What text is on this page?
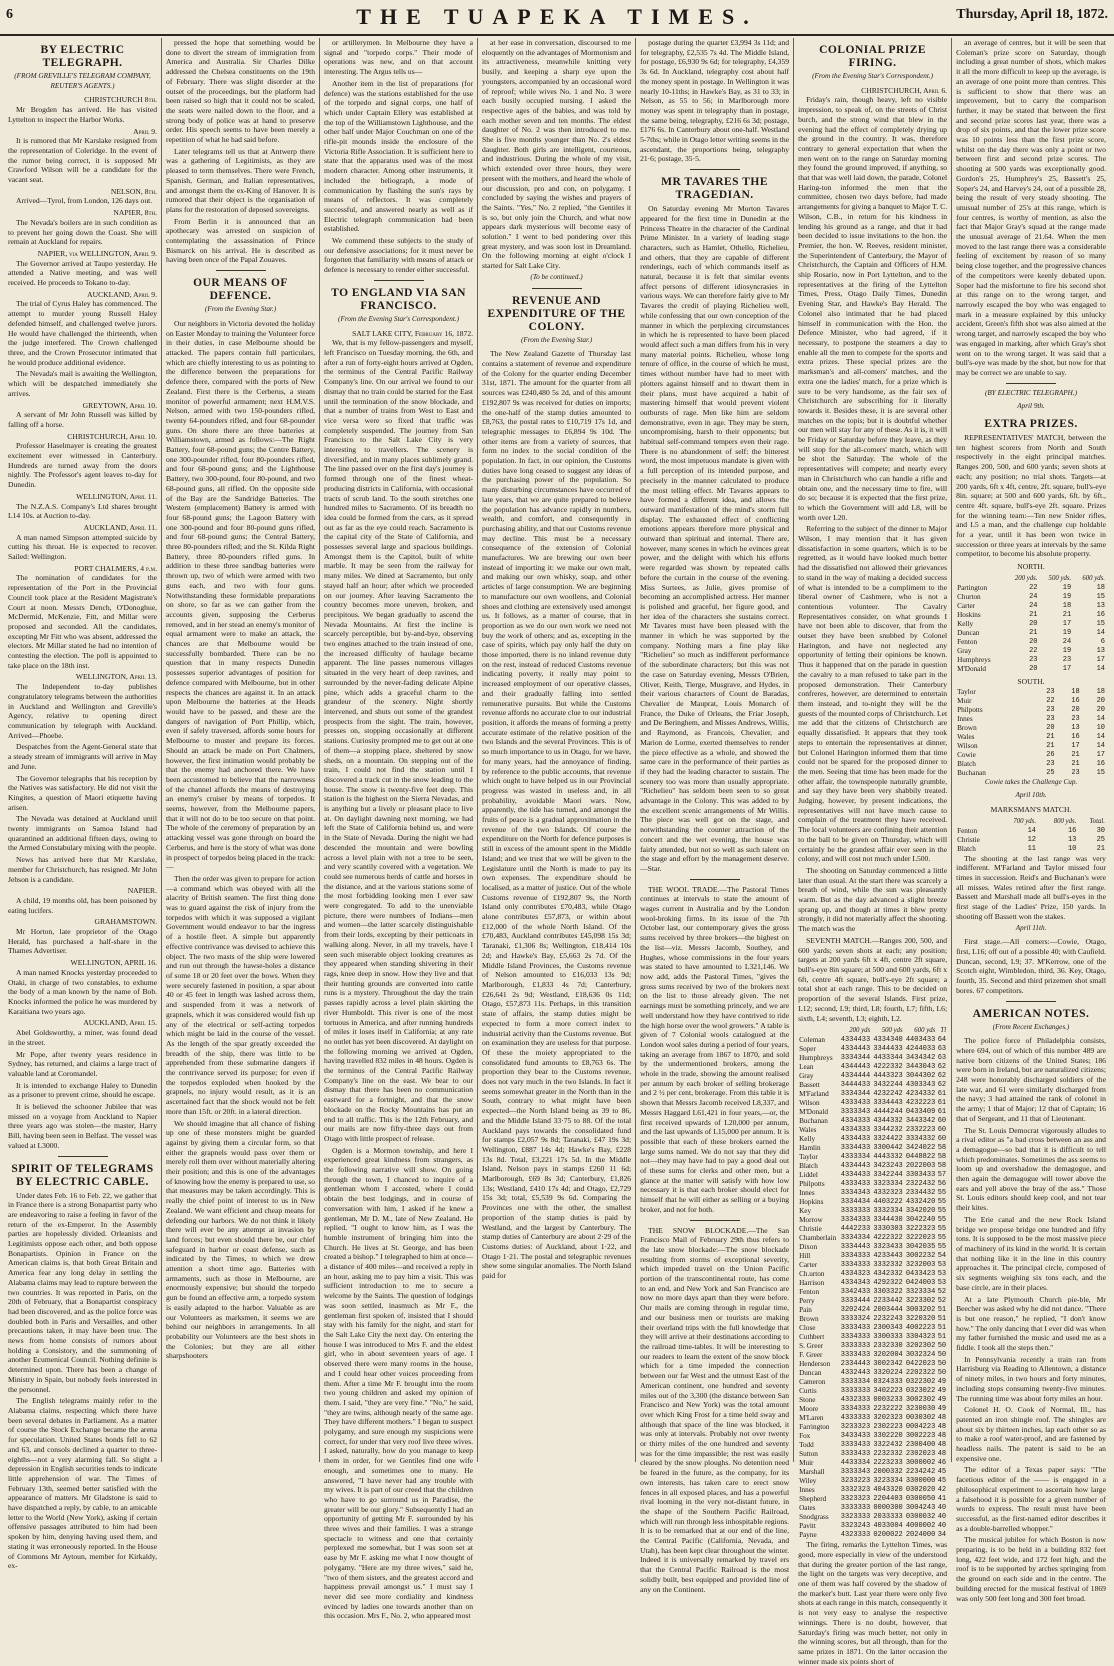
6	THE TUAPEKA TIMES.	Thursday, April 18, 1872.
BY ELECTRIC TELEGRAPH.
(FROM GREVILLE'S TELEGRAM COMPANY, REUTER'S AGENTS.)

CHRISTCHURCH 8th.

Mr Brogden has arrived. He has visited Lyttelton to inspect the Harbor Works.

April 9.

It is rumored that Mr Karslake resigned from the representation of Coleridge. In the event of the rumor being correct, it is supposed Mr Crawford Wilson will be a candidate for the vacant seat.

NELSON, 8th.

Arrived—Tyrol, from London, 126 days out.

NAPIER, 8th.

The Nevada's boilers are in such condition as to prevent her going down the Coast. She will remain at Auckland for repairs.

NAPIER, via WELLINGTON, April 9.

The Governor arrived at Taupo yesterday. He attended a Native meeting, and was well received. He proceeds to Tokano to-day.

AUCKLAND, April 9.

The trial of Cyrus Haley has commenced. The attempt to murder young Russell Haley defended himself, and challenged twelve jurors. He would have challenged the thirteenth, when the judge interfered. The Crown challenged three, and the Crown Prosecutor intimated that he would produce additional evidence.

The Nevada's mail is awaiting the Wellington, which will be despatched immediately she arrives.

GREYTOWN, April 10.

A servant of Mr John Russell was killed by falling off a horse.

CHRISTCHURCH, April 10.

Professor Haselmayer is creating the greatest excitement ever witnessed in Canterbury. Hundreds are turned away from the doors nightly. The Professor's agent leaves to-day for Dunedin.

WELLINGTON, April 11.

The N.Z.A.S. Company's Ltd shares brought L14 10s. at Auction to-day.

AUCKLAND, April 11.

A man named Simpson attempted suicide by cutting his throat. He is expected to recover. Sailed: Wellington.

PORT CHALMERS, 4 p.m.

The nomination of candidates for the representation of the Port in the Provincial Council took place at the Resident Magistrate's Court at noon. Messrs Dench, O'Donoghue, McDermid, McKenzie, Fitt, and Millar were proposed and seconded. All the candidates, excepting Mr Fitt who was absent, addressed the electors. Mr Millar stated he had no intention of contesting the election. The poll is appointed to take place on the 18th inst.

WELLINGTON, April 13.

The Independent to-day publishes congratulatory telegrams between the authorities in Auckland and Wellington and Greville's Agency, relative to opening direct communication by telegraph with Auckland. Arrived—Phoebe.

Despatches from the Agent-General state that a steady stream of immigrants will arrive in May and June.

The Governor telegraphs that his reception by the Natives was satisfactory. He did not visit the Kingites, a question of Maori etiquette having arisen.

The Nevada was detained at Auckland until twenty immigrants on Samoa Island had quarantined an additional fifteen days, owing to the Armed Constabulary mixing with the people.

News has arrived here that Mr Karslake, member for Christchurch, has resigned. Mr John Jebson is a candidate.

NAPIER.

A child, 19 months old, has been poisoned by eating lucifers.

GRAHAMSTOWN.

Mr Horton, late proprietor of the Otago Herald, has purchased a half-share in the Thames Advertiser.

WELLINGTON, APRIL 16.

A man named Knocks yesterday proceeded to Otaki, in charge of two constables, to exhume the body of a man known by the name of Bob. Knocks informed the police he was murdered by Karaitiana two years ago.

AUCKLAND, April 15.

Abel Goldsworthy, a miner, was found dead in the street.

Mr Pope, after twenty years residence in Sydney, has returned, and claims a large tract of valuable land at Coromandel.

It is intended to exchange Haley to Dunedin as a prisoner to prevent crime, should he escape.

It is believed the schooner Jubilee that was missed on a voyage from Auckland to Napier three years ago was stolen—the master, Harry Bill, having been seen in Belfast. The vessel was valued at L3000.

SPIRIT OF TELEGRAMS BY ELECTRIC CABLE.

Under dates Feb. 16 to Feb. 22, we gather that in France there is a strong Bonapartist party who are endeavoring to raise a feeling in favor of the return of the ex-Emperor. In the Assembly parties are hopelessly divided. Orleanists and Legitimists oppose each other, and both oppose Bonapartists. Opinion in France on the American claims is, that both Great Britain and America fear any long delay in settling the Alabama claims may lead to rupture between the two countries. It was reported in Paris, on the 20th of February, that a Bonapartist conspiracy had been discovered, and as the police force was doubled both in Paris and Versailles, and other precautions taken, it may have been true. The news from home consists of rumors about holding a Consistory, and the summoning of another Ecumenical Council. Nothing definite is determined upon. There has been a change of Ministry in Spain, but nobody feels interested in the personnel.

The English telegrams mainly refer to the Alabama claims, respecting which there have been several debates in Parliament. As a matter of course the Stock Exchange became the arena for speculation. United States bonds fell to 62 and 63, and consols declined a quarter to three-eighths—not a very alarming fall. So slight a depression in English securities tends to indicate little apprehension of war. The Times of February 13th, seemed better satisfied with the appearance of matters. Mr Gladstone is said to have dispatched a reply, by cable, to an amicable letter to the World (New York), asking if certain offensive passages attributed to him had been spoken by him, denying having used them, and stating it was erroneously reported. In the House of Commons Mr Aytoun, member for Kirkaldy, ex-

pressed the hope that something would be done to divert the stream of immigration from America and Australia. Sir Charles Dilke addressed the Chelsea constituents on the 19th of February. There was slight disorder at the outset of the proceedings, but the platform had been raised so high that it could not be scaled, the seats were nailed down to the floor, and a strong body of police was at hand to preserve order. His speech seems to have been merely a repetition of what he had said before.

Later telegrams tell us that at Antwerp there was a gathering of Legitimists, as they are pleased to term themselves. There were French, Spanish, German, and Italian representatives, and amongst them the ex-King of Hanover. It is rumored that their object is the organisation of plans for the restoration of deposed sovereigns.

From Berlin it is announced that an apothecary was arrested on suspicion of contemplating the assassination of Prince Bismarck on his arrival. He is described as having been once of the Papal Zouaves.

OUR MEANS OF DEFENCE.
(From the Evening Star.)

Our neighbors in Victoria devoted the holiday on Easter Monday to training the Volunteer force in their duties, in case Melbourne should be attacked. The papers contain full particulars, which are chiefly interesting to us as pointing to the difference between the preparations for defence there, compared with the ports of New Zealand. First there is the Cerberus, a steam monitor of powerful armament; next H.M.V.S. Nelson, armed with two 150-pounders rifled, twenty 64-pounders rifled, and four 68-pounder guns. On shore there are three batteries at Williamstown, armed as follows:—The Right Battery, four 68-pound guns; the Centre Battery, one 300-pounder rifled, four 80-pounders rifled, and four 68-pound guns; and the Lighthouse Battery, two 300-pound, four 80-pound, and two 68-pound guns, all rifled. On the opposite side of the Bay are the Sandridge Batteries. The Western (emplacement) Battery is armed with four 68-pound guns; the Lagoon Battery with one 300-pound and four 80-pound guns rifled, and four 68-pound guns; the Central Battery, three 80-pounders rifled; and the St. Kilda Right Battery, three 80-pounders rifled guns. In addition to these three sandbag batteries were thrown up, two of which were armed with two guns each, and two with four guns. Notwithstanding these formidable preparations on shore, so far as we can gather from the accounts given, supposing the Cerberus removed, and in her stead an enemy's monitor of equal armament were to make an attack, the chances are that Melbourne would be successfully bombarded. There can be no question that in many respects Dunedin possesses superior advantages of position for defence compared with Melbourne, but in other respects the chances are against it. In an attack upon Melbourne the batteries at the Heads would have to be passed, and these are the dangers of navigation of Port Phillip, which, even if safely traversed, affords some hours for Melbourne to muster and prepare its forces. Should an attack be made on Port Chalmers, however, the first intimation would probably be that the enemy had anchored there. We have been accustomed to believe that the narrowness of the channel affords the means of destroying an enemy's cruiser by means of torpedos. It seems, however, from the Melbourne papers, that it will not do to be too secure on that point. The whole of the ceremony of preparation by an attacking vessel was gone through on board the Cerberus, and here is the story of what was done in prospect of torpedos being placed in the track:—

Then the order was given to prepare for action—a command which was obeyed with all the alacrity of British seamen. The first thing done was to guard against the risk of injury from the torpedos with which it was supposed a vigilant Government would endeavor to bar the ingress of a hostile fleet. A simple but apparently effective contrivance was devised to achieve this object. The two masts of the ship were lowered and run out through the hawse-holes a distance of some 18 or 20 feet over the bows. When they were securely fastened in position, a spar about 40 or 45 feet in length was lashed across them, and suspended from it was a network of grapnels, which it was considered would fish up any of the electrical or self-acting torpedos which might be laid in the course of the vessel. As the length of the spar greatly exceeded the breadth of the ship, there was little to be apprehended from these submarine dangers if the contrivance served its purpose; for even if the torpedos exploded when hooked by the grapnels, no injury would result, as it is an ascertained fact that the shock would not be felt more than 15ft. or 20ft. in a lateral direction.

We should imagine that all chance of fishing up one of these monsters might be guarded against by giving them a circular form, so that either the grapnels would pass over them or merely roll them over without materially altering their position; and this is one of the advantages of knowing how the enemy is prepared to use, so that measures may be taken accordingly. This is really the chief point of interest to us in New Zealand. We want efficient and cheap means for defending our harbors. We do not think it likely there will ever be any attempt at invasion by land forces; but even should there be, our chief safeguard in harbor or coast defense, such as indicated by the Times, to which we drew attention a short time ago. Batteries with armaments, such as those in Melbourne, are enormously expensive; but should the torpedo gun be found an effective arm, a torpedo system is easily adapted to the harbor. Valuable as are our Volunteers as marksmen, it seems we are behind our neighbors in arrangements. In all probability our Volunteers are the best shots in the Colonies; but they are all either sharpshooters

or artillerymen. In Melbourne they have a signal and "torpedo corps." Their mode of operations was new, and on that account interesting. The Argus tells us—

Another item in the list of preparations (for defence) was the stations established for the use of the torpedo and signal corps, one half of which under Captain Ellery was established at the top of the Williamstown Lighthouse, and the other half under Major Couchman on one of the rifle-pit mounds inside the enclosure of the Victoria Rifle Association. It is sufficient here to state that the apparatus used was of the most modern character. Among other instruments, it included the heliograph, a mode of communication by flashing the sun's rays by means of reflectors. It was completely successful, and answered nearly as well as if Electric telegraph communication had been established.

We commend these subjects to the study of our defensive associations; for it must never be forgotten that familiarity with means of attack or defence is necessary to render either successful.

TO ENGLAND VIA SAN FRANCISCO.
(From the Evening Star's Correspondent.)

SALT LAKE CITY, February 16, 1872.

We, that is my fellow-passengers and myself, left Francisco on Tuesday morning, the 6th, and after a run of forty-eight hours arrived at Ogden, the terminus of the Central Pacific Railway Company's line. On our arrival we found to our dismay that no train could be started for the East until the termination of the snow blockade, and that a number of trains from West to East and vice versa were so fixed that traffic was completely suspended. The journey from San Francisco to the Salt Lake City is very interesting to travellers. The scenery is diversified, and in many places sublimely grand. The line passed over on the first day's journey is formed through one of the finest wheat-producing districts in California, with occasional tracts of scrub land. To the south stretches one hundred miles to Sacramento. Of its breadth no idea could be formed from the cars, as it spread out as far as the eye could reach. Sacramento is the capital city of the State of California, and possesses several large and spacious buildings. Amongst them is the Capitol, built of white marble. It may be seen from the railway for many miles. We dined at Sacramento, but only stayed half an hour; after which we proceeded on our journey. After leaving Sacramento the country becomes more uneven, broken, and precipitous. We began gradually to ascend the Nevada Mountains. At first the incline is scarcely perceptible, but by-and-bye, observing two engines attached to the train instead of one, the increased difficulty of haulage became apparent. The line passes numerous villages situated in the very heart of deep ravines, and surrounded by the never-fading delicate Alpine pine, which adds a graceful charm to the grandeur of the scenery. Night shortly intervened, and shuts out some of the grandest prospects from the sight. The train, however, presses on, stopping occasionally at different stations. Curiosity prompted me to get out at one of them—a stopping place, sheltered by snow sheds, on a mountain. On stepping out of the train, I could not find the station until I discovered a track cut in the snow leading to the house. The snow is twenty-five feet deep. This station is the highest on the Sierra Nevadas, and is anything but a lively or pleasant place to live at. On daylight dawning next morning, we had left the State of California behind us, and were in the State of Nevada. During the night we had descended the mountain and were bowling across a level plain with not a tree to be seen, and very scantily covered with a vegetation. We could see numerous herds of cattle and horses in the distance, and at the various stations some of the most forbidding looking men I ever saw were congregated. To add to the unenviable picture, there were numbers of Indians—men and women—the latter scarcely distinguishable from their lords, excepting by their petticoats in walking along. Never, in all my travels, have I seen such miserable object looking creatures as they appeared when standing shivering in their rags, knee deep in snow. How they live and that their hunting grounds are converted into cattle runs is a mystery. Throughout the day the train passes rapidly across a level plain skirting the river Humboldt. This river is one of the most tortuous in America, and after running hundreds of miles it loses itself in California; at any rate no outlet has yet been discovered. At daylight on the following morning we arrived at Ogden, having travelled 832 miles in 48 hours. Ogden is the terminus of the Central Pacific Railway Company's line on the east. We bear to our dismay that there has been no communication eastward for a fortnight, and that the snow blockade on the Rocky Mountains has put an end to all traffic. This is the 12th February, and our mails are now fifty-three days out from Otago with little prospect of release.

Ogden is a Mormon township, and here I experienced great kindness from strangers, as the following narrative will show. On going through the town, I chanced to inquire of a gentleman whom I accosted, where I could obtain the best lodgings, and in course of conversation with him, I asked if he knew a gentleman, Mr D. M., late of New Zealand. He replied, "I ought to know him, as I was the humble instrument of bringing him into the Church. He lives at St. George, and has been created a bishop." I telegraphed to him at once—a distance of 400 miles—and received a reply in an hour, asking me to pay him a visit. This was sufficient introduction to me to secure a welcome by the Saints. The question of lodgings was soon settled, inasmuch as Mr F., the gentleman first spoken of, insisted that I should stay with his family for the night, and start for the Salt Lake City the next day. On entering the house I was introduced to Mrs F. and the eldest girl, who in about seventeen years of age. I observed there were many rooms in the house, and I could hear other voices proceeding from them. After a time Mr F. brought into the room two young children and asked my opinion of them. I said, "they are very fine." "No," he said, "they are twins, although nearly of the same age. They have different mothers." I began to suspect polygamy, and sure enough my suspicions were correct, for under that very roof live three wives. I asked, naturally, how do you manage to keep them in order, for we Gentiles find one wife enough, and sometimes one to many. He answered, "I have never had any trouble with my wives. It is part of our creed that the children who have to go surround us in Paradise, the greater will be our glory." Subsequently I had an opportunity of getting Mr F. surrounded by his three wives and their families. I was a strange spectacle to witness and one that certainly perplexed me somewhat, but I was soon set at ease by Mr F. asking me what I now thought of polygamy. "Here are my three wives," said he, "two of them sisters, and the greatest accord and happiness prevail amongst us." I must say I never did see more cordiality and kindness evinced by ladies one towards another than on this occasion. Mrs F., No. 2, who appeared most

at her ease in conversation, discoursed to me eloquently on the advantages of Mormonism and its attractiveness, meanwhile knitting very busily, and keeping a sharp eye upon the youngsters, accompanied by an occasional word of reproof; while wives No. 1 and No. 3 were each busily occupied nursing. I asked the respective ages of the babies, and was told by each mother seven and ten months. The eldest daughter of No. 2 was then introduced to me. She is five months younger than No. 2's eldest daughter. Both girls are intelligent, courteous, and industrious. During the whole of my visit, which extended over three hours, they were present with the mothers, and heard the whole of our discussion, pro and con, on polygamy. I concluded by saying the wishes and prayers of the Saints. "Yes," No. 2 replied, "the Gentiles it is so, but only join the Church, and what now appears dark mysterious will become easy of solution." I went to bed pondering over this great mystery, and was soon lost in Dreamland. On the following morning at eight o'clock I started for Salt Lake City.

(To be continued.)
REVENUE AND EXPENDITURE OF THE COLONY.
(From the Evening Star.)

The New Zealand Gazette of Thursday last contains a statement of revenue and expenditure of the Colony for the quarter ending December 31st, 1871. The amount for the quarter from all sources was £240,480 5s 2d, and of this amount £192,807 9s was received for duties on imports; the one-half of the stamp duties amounted to £8,763, the postal rates to £10,719 17s 1d, and telegraphic messages to £6,894 9s 10d. The other items are from a variety of sources, that form no index to the social condition of the population. In fact, in our opinion, the Customs duties have long ceased to suggest any ideas of the purchasing power of the population. So many disturbing circumstances have occurred of late years, that we are quite prepared to believe the population has advance rapidly in numbers, wealth, and comfort, and consequently in purchasing ability, and that our Customs revenue may decline. This must be a necessary consequence of the extension of Colonial manufactures. We are brewing our own beer instead of importing it: we make our own malt, and making our own whisky, soap, and other articles of large consumption. We are beginning to manufacture our own woollens, and Colonial shoes and clothing are extensively used amongst us. It follows, as a matter of course, that in proportion as we do our own work we need not buy the work of others; and as, excepting in the case of spirits, which pay only half the duty on those imported, there is no inland revenue duty on the rest, instead of reduced Customs revenue indicating poverty, it really may point to increased employment of our operative classes, and their gradually falling into settled remunerative pursuits. But while the Customs revenue affords no accurate clue to our industrial position, it affords the means of forming a pretty accurate estimate of the relative position of the two Islands and the several Provinces. This is of so much importance to us in Otago, for we have, for many years, had the annoyance of finding, by reference to the public accounts, that revenue which ought to have helped us in our Provincial progress was wasted in useless and, in all probability, avoidable Maori wars. Now, apparently, the tide has turned, and amongst the fruits of peace is a gradual approximation in the revenue of the two Islands. Of course the expenditure on the North for defence purposes is still in excess of the amount spent in the Middle Island; and we trust that we will be given to the Legislature until the North is made to pay its own expenses. The expenditure should be localised, as a matter of justice. Out of the whole Customs revenue of £192,807 9s, the North Island only contributes £70,483, while Otago alone contributes £57,873, or within about £12,000 of the whole North Island. Of the £70,483, Auckland contributes £45,098 15s 3d; Taranaki, £1,306 8s; Wellington, £18,414 10s 2d; and Hawke's Bay, £5,663 2s 7d. Of the Middle Island Provinces, the Customs revenue of Nelson amounted to £16,033 13s 9d; Marlborough, £1,833 4s 7d; Canterbury, £26,641 2s 9d; Westland, £18,636 0s 11d; Otago, £57,873 11s. Perhaps, in this transition state of affairs, the stamp duties might be expected to form a more correct index to industrial activity than the Customs revenue. But on examination they are useless for that purpose. Of these the moiety appropriated to the consolidated fund amounts to £8,763 6s. The proportion they bear to the Customs revenue, does not vary much in the two Islands. In fact it seems somewhat greater in the North than in the South, contrary to what might have been expected—the North Island being as 39 to 86, and the Middle Island 33·75 to 88. Of the total Auckland pays towards the consolidated fund for stamps £2,057 9s 8d; Taranaki, £47 19s 3d; Wellington, £887 14s 4d; Hawke's Bay, £228 13s 8d. Total, £3,221 17s 5d. In the Middle Island, Nelson pays in stamps £260 11 6d; Marlborough, £69 8s 3d; Canterbury, £1,826 13s; Westland, £410 17s 4d; and Otago, £2,729 15s 3d; total, £5,539 9s 6d. Comparing the Provinces one with the other, the smallest proportion of the stamp duties is paid by Westland, and the largest by Canterbury. The stamp duties of Canterbury are about 2·29 of the Customs duties: of Auckland, about 1·22, and Otago 1·21. The postal and telegraphic revenues shew some singular anomalies. The North Island paid for

postage during the quarter £3,994 3s 11d; and for telegraphy, £2,535 7s 4d. The Middle Island, for postage, £6,930 9s 6d; for telegraphy, £4,359 3s 6d. In Auckland, telegraphy cost about half the money spent in postage. In Wellington it was nearly 10-11ths; in Hawke's Bay, as 31 to 33; in Nelson, as 55 to 56; in Marlborough more money was spent in telegraphy than in postage, the same being, telegraphy, £216 6s 3d; postage, £176 6s. In Canterbury about one-half. Westland 5-7ths; while in Otago letter writing seems in the ascendant, the proportions being, telegraphy 21·6; postage, 35·5.

MR TAVARES THE TRAGEDIAN.

On Saturday evening Mr Morton Tavares appeared for the first time in Dunedin at the Princess Theatre in the character of the Cardinal Prime Minister. In a variety of leading stage characters, such as Hamlet, Othello, Richelieu, and others, that they are capable of different renderings, each of which commands itself as natural, because it is felt that similar events affect persons of different idiosyncrasies in various ways. We can therefore fairly give to Mr Tavares the credit of playing Richelieu well, while confessing that our own conception of the manner in which the perplexing circumstances in which he is represented to have been placed would affect such a man differs from his in very many material points. Richelieu, whose long tenure of office, in the course of which he must, times without number have had to meet with plotters against himself and to thwart them in their plans, must have acquired a habit of mastering himself that would prevent violent outbursts of rage. Men like him are seldom demonstrative, even in age. They may be stern, uncompromising, harsh to their opponents; but habitual self-command tempers even their rage. There is no abandonment of self: the bitterest word, the most impetuous mandate is given with a full perception of its intended purpose, and precisely in the manner calculated to produce the most telling effect. Mr Tavares appears to have formed a different idea, and allows the outward manifestation of the mind's storm full display. The exhausted effect of conflicting emotions appears therefore more physical and outward than spiritual and internal. There are, however, many scenes in which he evinces great power, and the delight with which his efforts were regarded was shown by repeated calls before the curtain in the course of the evening. Miss Surtees, as Julie, gives promise of becoming an accomplished actress. Her manner is polished and graceful, her figure good, and her idea of the characters she sustains correct. Mr Tavares must have been pleased with the manner in which he was supported by the company. Nothing mars a fine play like "Richelieu" so much as indifferent performance of the subordinate characters; but this was not the case on Saturday evening, Messrs O'Brien, Oliver, Keith, Tierge, Musgrave, and Hydes, in their various characters of Count de Baradas, Chevalier de Mauprat, Louis Monarch of France, the Duke of Orleans, the Friar Joseph, and De Beringhem, and Misses Andrews, Willis, and Raymond, as Francois, Chevalier, and Marion de Lorme, exerted themselves to render the piece effective as a whole, and showed the same care in the performance of their parties as if they had the leading character to sustain. The scenery too was more than usually appropriate. "Richelieu" has seldom been seen to so great advantage in the Colony. This was added to by the excellent scenic arrangements of Mr Willis. The piece was well got on the stage, and notwithstanding the counter attraction of the concert and the wet evening, the house was fairly attended, but not so well as such talent on the stage and effort by the management deserve.—Star.

THE WOOL TRADE.—The Pastoral Times continues at intervals to state the amount of wages current in Australia and by the London wool-broking firms. In its issue of the 7th October last, our contemporary gives the gross sums received by three brokers—the highest on the list—viz. Messrs Jacomb, Southey, and Hughes, whose commissions in the four years was stated to have amounted to L321,146. We now add, adds the Pastoral Times, "gives the gross sums received by two of the brokers next on the list to those already given. The net earnings must be something princely, and we are well understand how they have contrived to ride the high horse over the wool growers." A table is given of 7 Colonial wools catalogued at the London wool sales during a period of four years, taking an average from 1867 to 1870, and sold by the undermentioned brokers, among the whole in the trade, showing the amount realised per annum by each broker of selling brokerage and 2 ½ per cent, brokerage. From this table it is shown that Messrs Jacomb received L8,337, and Messrs Haggard L61,421 in four years,—or, the first received upwards of L20,000 per annum, and the last upwards of L15,000 per annum. It is possible that each of these brokers earned the large sums named. We do not say that they did not—they may have had to pay a good deal out of these sums for clerks and other men, but a glance at the matter will satisfy with how low necessary it is that each broker should elect for himself that he will either as selling or a buying broker, and not for both.

THE SNOW BLOCKADE.—The San Francisco Mail of February 29th thus refers to the late snow blockade:—The snow blockade resulting from storms of exceptional severity, which impeded travel on the Union Pacific portion of the transcontinental route, has come to an end, and New York and San Francisco are now no more days apart than they were before. Our mails are coming through in regular time, and our business men or tourists are making their overland trips with the full knowledge that they will arrive at their destinations according to the railroad time-tables. It will be interesting to our readers to learn the extent of the snow block which for a time impeded the connection between our far West and the utmost East of the American continent, one hundred and seventy miles out of the 3,300 (the distance between San Francisco and New York) was the total amount over which King Frost for a time held sway and although that space of the line was blocked, it was only at intervals. Probably not over twenty or thirty miles of the one hundred and seventy was for the time impassible; the rest was easily cleared by the snow ploughs. No detention need be feared in the future, as the company, for its own interests, has taken care to erect snow fences in all exposed places, and has a powerful rival looming in the very not-distant future, in the shape of the Southern Pacific Railroad, which will run through less inhospitable regions. It is to be remarked that at our end of the line, the Central Pacific (California, Nevada, and Utah), has been kept clear throughout the winter. Indeed it is universally remarked by travel ers that the Central Pacific Railroad is the most solidly built, best equipped and provided line of any on the Continent.

COLONIAL PRIZE FIRING.
(From the Evening Star's Correspondent.)

CHRISTCHURCH, April 6.

Friday's rain, though heavy, left no visible impression, to speak of, on the streets of Christ burch, and the strong wind that blew in the evening had the effect of completely drying up the ground in the country. It was, therefore contrary to general expectation that when the men went on to the range on Saturday morning they found the ground improved, if anything, so that that was well laid down, the parade, Colonel Haring-ton informed the men that the committee, chosen two days before, had made arrangements for giving a banquet to Major T. C. Wilson, C.B., in return for his kindness in lending his ground as a range, and that it had been decided to issue invitations to the hon. the Premier, the hon. W. Reeves, resident minister, the Superintendent of Canterbury, the Mayor of Christchurch, the Captain and Officers of H.M. ship Rosario, now in Port Lyttelton, and to the representatives at the firing of the Lyttelton Times, Press, Otago Daily Times, Dunedin Evening Star, and Hawke's Bay Herald. The Colonel also intimated that he had placed himself in communication with the Hon. the Defence Minister, who had agreed, if it necessary, to postpone the steamers a day to enable all the men to compete for the sports and extra prizes. These special prizes are the marksman's and all-comers' matches, and the extra one the ladies' match, for a prize which is sure to be very handsome, as the fair sex of Christchurch are subscribing for it literally towards it. Besides these, it is are several other matches on the topis; but it is doubtful whether our men will stay for any of these. As it is, it will be Friday or Saturday before they leave, as they will stop for the all-comers' match, which will be shot the Saturday. The whole of the representatives will compete; and nearly every man in Christchurch who can handle a rifle and obtain one, and the necessary time to fire, will do so; because it is expected that the first prize, to which the Government will add L8, will be worth over L20.

Referring to the subject of the dinner to Major Wilson, I may mention that it has given dissatisfaction in some quarters, which is to be regretted, as it would have looked much better had the dissatisfied not allowed their grievances to stand in the way of making a decided success of what is intended to be a compliment to the liberal owner of Cashmere, who is not a contentious volunteer. The Cavalry Representatives consider, on what grounds I have not been able to discover, that from the outset they have been snubbed by Colonel Harington, and have not neglected any opportunity of letting their opinions be known. Thus it happened that on the parade in question the cavalry to a man refused to take part in the proposed demonstration. Their Canterbury confreres, however, are determined to entertain them instead, and to-night they will be the guests of the mounted corps of Christchurch. Let me add that the citizens of Christchurch are equally dissatisfied. It appears that they took steps to entertain the representatives at dinner, but Colonel Harington informed them that time could not be spared for the proposed dinner to the men. Seeing that time has been made for the other affair, the townspeople naturally grumble, and say they have been very shabbily treated. Judging, however, by present indications, the representatives will not have much cause to complain of the treatment they have received. The local volunteers are confining their attention to the ball to be given on Thursday, which will certainly be the grandest affair ever seen in the colony, and will cost not much under L500.

The shooting on Saturday commenced a little later than usual. At the start there was scarcely a breath of wind, while the sun was pleasantly warm. But as the day advanced a slight breeze sprang up, and though at times it blew pretty strongly, it did not materially affect the shooting. The match was the

SEVENTH MATCH.—Ranges 200, 500, and 600 yards; seven shots at each; any position; targets at 200 yards 6ft x 4ft, centre 2ft square, bull's-eye 8in square; at 500 and 600 yards, 6ft x 6ft, centre 4ft square, bull's-eye 2ft square; a total shot at each range. This to be decided on proportion of the several Islands. First prize, L12; second, L9; third, L8; fourth, L7; fifth, L6; sixth, L4; seventh, L3; eighth, L2.

	200 yds	500 yds	600 yds	Tl
Coleman	4334433	4334340	4403433	64
Soper	4334443	3344433	4244033	63
Humphreys	3334344	4433344	3434342	63
Lean	4344443	4222332	3443043	62
Gray	4334444	4443323	3044302	62
Bassett	3444433	3432244	4303343	62
M'Farland	3334344	4232242	4234332	61
Wilson	4333433	3334443	4232223	61
M'Donald	3333343	4444244	0433409	61
Buchanan	4334333	4344332	3443342	60
Wales	4334333	3344232	2332223	60
Kelly	4334433	3324422	3334332	60
Hamlin	3334433	3300442	3424022	58
Taylor	4333334	4443332	0448822	58
Blatch	4334443	3423243	2022003	58
Liddel	4334433	3342244	3303433	57
Philpotts	4333433	3323334	2322432	56
Innes	3334343	4332323	2334432	55
Hopkins	3334434	4403222	4332420	55
Key	3333333	3332334	3342020	55
Morrow	3334333	3344430	3042240	55
Christie	4442233	3330303	3222323	55
Chamberlain	3334334	4222322	3222023	55
Dixon	3334443	3323433	3042035	55
Hill	3334333	4233443	3002232	54
Carter	3334333	3332332	3232003	53
Ch.urton	4334323	4342332	0433423	53
Harrison	4334343	4292322	0424003	53
Fenton	3342433	3303322	3323334	52
Perry	3333444	2233442	3223302	52
Pain	3202424	2003444	3003202	51
Brown	3333324	2232243	3220320	51
Close	3333433	2300343	4002223	51
Cuthbert	3334333	3300333	3304323	51
S. Greer	3333333	2332330	3202302	50
F. Greer	3333433	3202004	3032324	50
Henderson	2334443	3002342	0422023	50
Duncan	4332443	3320224	2202322	50
Cameron	3333334	0324333	0322302	49
Curtis	3333333	3402223	0323022	49
Stone	4332333	0003233	3002302	49
Moore	3334333	2232222	3230030	49
M'Laren	4333333	3202323	0030302	48
Farrington	3233323	2302223	0004223	48
Fox	3433433	3302220	3002223	48
Todd	3333433	3322432	2300400	48
Sutton	3333433	2232332	2302023	48
Muir	4433334	2223233	3000002	46
Marshall	3333343	2000332	2234242	45
Wiley	3233223	3223334	3300000	45
Innes	3332323	4043320	0302020	42
Shepherd	3323323	2204403	0300050	41
Oates	3333333	0000300	3004243	40
Snodgrass	3323333	2033333	0300032	40
Pavitt	3323243	4033004	4000002	40
Payne	4323333	0200022	2024000	34

The firing, remarks the Lyttelton Times, was good, more especially in view of the understood that during the greater portion of the last range, the light on the targets was very deceptive, and one of them was half covered by the shadow of the marker's butt. Last year there were only five shots at each range in this match, consequently it is not very easy to analyse the respective winnings. There is no doubt, however, that Saturday's firing was much better, not only in the winning scores, but all through, than for the same prizes in 1871. On the latter occasion the winner made six points short of

an average of centres, but it will be seen that Coleman's prize score on Saturday, though including a great number of shots, which makes it all the more difficult to keep up the average, is an average of one point more than centres. This is sufficient to show that there was an improvement, but to carry the comparison further, it may be stated that between the first and second prize scores last year, there was a drop of six points, and that the lower prize score was 10 points less than the first prize score, whilst on the day there was only a point or two between first and second prize scores. The shooting at 500 yards was exceptionally good. Gordon's 25, Humphrey's 25, Bassett's 25, Soper's 24, and Harvey's 24, out of a possible 28, being the result of very steady shooting. The unusual number of 25's at this range, which is four centres, is worthy of mention, as also the fact that Major Gray's squad at the range made the unusual average of 21.64. When the men moved to the last range there was a considerable feeling of excitement by reason of so many being close together, and the progressive chances of the competitors were keenly debated upon. Soper had the misfortune to fire his second shot at this range on to the wrong target, and narrowly escaped the boy who was engaged to mark in a measure explained by this unlucky accident, Green's fifth shot was also aimed at the wrong target, and narrowly escaped the boy who was engaged in marking, after which Gray's shot went on to the wrong target. It was said that a bull's-eye was made by the shot, but now for that may be correct we are unable to say.

(BY ELECTRIC TELEGRAPH.)
April 9th.
EXTRA PRIZES.

REPRESENTATIVES' MATCH, between the ten highest scorers from North and South respectively in the eight principal matches. Ranges 200, 500, and 600 yards; seven shots at each; any position; no trial shots. Targets—at 200 yards, 6ft x 4ft, centre, 2ft. square, bull's-eye 8in. square; at 500 and 600 yards, 6ft. by 6ft., centre 4ft. square, bull's-eye 2ft. square. Prizes for the winning team:—Ten new Snider rifles, and L5 a man, and the challenge cup holdable for a year, until it has been won twice in succession or three years at intervals by the same competitor, to become his absolute property.

NORTH.
	200 yds.	500 yds.	600 yds.
Partington	22	19	18
Churton	24	19	15
Carter	24	18	13
Hoskins	21	21	16
Kelly	20	17	15
Duncan	21	19	14
Fenton	20	24	6
Gray	22	19	13
Humphreys	23	23	17
M'Donald	20	17	14
SOUTH.
Taylor	23	18	18
Muir	22	16	20
Philpotts	23	20	20
Innes	23	23	14
Brown	20	13	10
Wales	21	16	14
Wilson	21	17	14
Cowie	26	21	17
Blatch	23	21	16
Buchanan	25	23	15
Cowie takes the Challenge Cup.
April 10th.
MARKSMAN'S MATCH.
	700 yds.	800 yds.	Total.
Fenton	14	16	30
Christie	12	13	25
Blatch	11	10	21

The shooting at the last range was very indifferent. M'Farland and Taylor missed four times in succession. Reid's and Buchanan's were all misses. Wales retired after the first range. Bassett and Marshall made all bull's-eyes in the first stage of the Ladies' Prize, 150 yards. In shooting off Bassett won the stakes.

April 11th.

First stage.—All comers:—Cowie, Otago, first, L16; off out of a possible 40; with Caufield. Duncan, second, L9; 37. M'Kerrow, one of the Scotch eight, Wimbledon, third, 36. Key, Otago, fourth, 35. Second and third prizemen shot small bores. 67 competitors.

AMERICAN NOTES.
(From Recent Exchanges.)

The police force of Philadelphia consists, where 694, out of which of this number 489 are native born citizens of the United States; 186 were born in Ireland, but are naturalized citizens; 248 were honorably discharged soldiers of the late war, and 61 were similarly discharged from the navy; 3 had attained the rank of colonel in the army; 1 that of Major; 12 that of Captain; 16 that of Sergeant, and 11 that of Lieutenant.

The St. Louis Democrat vigorously alludes to a rival editor as "a bad cross between an ass and a demagogue—so bad that it is difficult to tell which predominates. Sometimes the ass seems to loom up and overshadow the demagogue, and then again the demagogue will tower above the ears and yell above the bray of the ass." Those St. Louis editors should keep cool, and not tear their kites.

The Erie canal and the new Rock Island bridge we propose bridge one hundred and fifty tons. It is supposed to be the most massive piece of machinery of its kind in the world. It is certain that nothing like it in the line in this country approaches it. The principal circle, composed of six segments weighing six tons each, and the base circle, are in their places.

At a late Plymouth Church pie-ble, Mr Beecher was asked why he did not dance. "There is but one reason," he replied, "I don't know how." The only dancing that I ever did was when my father furnished the music and used me as a fiddle. I took all the steps then."

In Pennsylvania recently a train ran from Harrisburg via Reading to Allentown, a distance of ninety miles, in two hours and forty minutes, including stops consuming twenty-five minutes. The running time was about forty miles an hour.

Colonel H. O. Cook of Normal, Ill., has patented an iron shingle roof. The shingles are about six by thirteen inches, lap each other so as to make a roof water-proof, and are fastened by headless nails. The patent is said to be an expensive one.

The editor of a Texas paper says: "The facetious editor of the —— is engaged in a philosophical experiment to ascertain how large a falsehood it is possible for a given number of words to express. The result must have been successful, as the first-named editor describes it as a double-barrelled whopper."

The musical jubilee for which Boston is now preparing, is to be held in a building 832 feet long, 422 feet wide, and 172 feet high, and the roof is to be supported by arches springing from the ground on each side and in the centre. The building erected for the musical festival of 1869 was only 500 feet long and 300 feet broad.
